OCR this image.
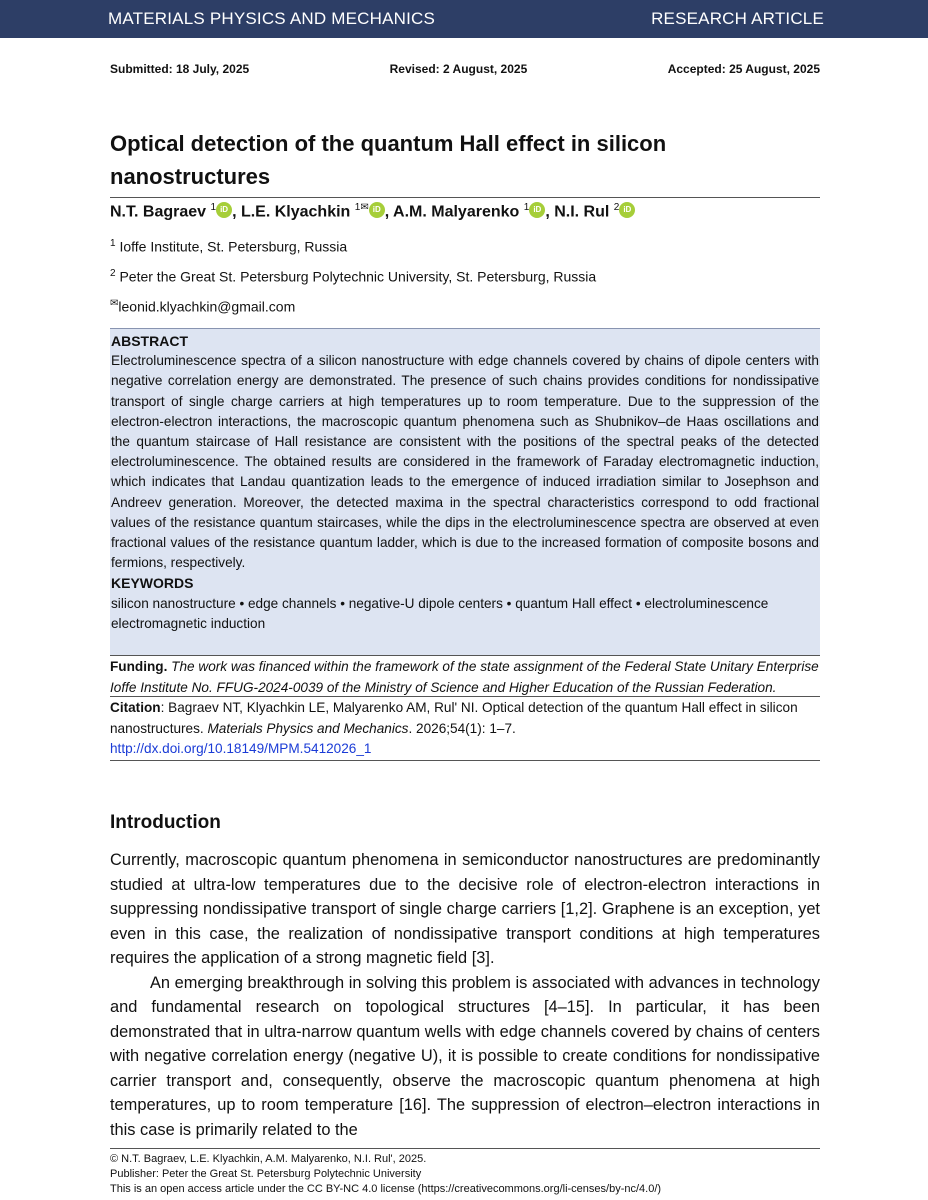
MATERIALS PHYSICS AND MECHANICS	RESEARCH ARTICLE
Submitted: 18 July, 2025	Revised: 2 August, 2025	Accepted: 25 August, 2025
Optical detection of the quantum Hall effect in silicon nanostructures
N.T. Bagraev $^1$ iD , L.E. Klyachkin $^{1✉}$ iD , A.M. Malyarenko $^1$ iD , N.I. Rul $^2$ iD
$^1$ Ioffe Institute, St. Petersburg, Russia
$^2$ Peter the Great St. Petersburg Polytechnic University, St. Petersburg, Russia
✉leonid.klyachkin@gmail.com
ABSTRACT

Electroluminescence spectra of a silicon nanostructure with edge channels covered by chains of dipole centers with negative correlation energy are demonstrated. The presence of such chains provides conditions for nondissipative transport of single charge carriers at high temperatures up to room temperature. Due to the suppression of the electron-electron interactions, the macroscopic quantum phenomena such as Shubnikov–de Haas oscillations and the quantum staircase of Hall resistance are consistent with the positions of the spectral peaks of the detected electroluminescence. The obtained results are considered in the framework of Faraday electromagnetic induction, which indicates that Landau quantization leads to the emergence of induced irradiation similar to Josephson and Andreev generation. Moreover, the detected maxima in the spectral characteristics correspond to odd fractional values of the resistance quantum staircases, while the dips in the electroluminescence spectra are observed at even fractional values of the resistance quantum ladder, which is due to the increased formation of composite bosons and fermions, respectively.

KEYWORDS

silicon nanostructure • edge channels • negative-U dipole centers • quantum Hall effect • electroluminescence electromagnetic induction

Funding. The work was financed within the framework of the state assignment of the Federal State Unitary Enterprise Ioffe Institute No. FFUG-2024-0039 of the Ministry of Science and Higher Education of the Russian Federation.
Citation: Bagraev NT, Klyachkin LE, Malyarenko AM, Rul' NI. Optical detection of the quantum Hall effect in silicon nanostructures. Materials Physics and Mechanics. 2026;54(1): 1–7.
http://dx.doi.org/10.18149/MPM.5412026_1
Introduction

Currently, macroscopic quantum phenomena in semiconductor nanostructures are predominantly studied at ultra-low temperatures due to the decisive role of electron-electron interactions in suppressing nondissipative transport of single charge carriers [1,2]. Graphene is an exception, yet even in this case, the realization of nondissipative transport conditions at high temperatures requires the application of a strong magnetic field [3].

An emerging breakthrough in solving this problem is associated with advances in technology and fundamental research on topological structures [4–15]. In particular, it has been demonstrated that in ultra-narrow quantum wells with edge channels covered by chains of centers with negative correlation energy (negative U), it is possible to create conditions for nondissipative carrier transport and, consequently, observe the macroscopic quantum phenomena at high temperatures, up to room temperature [16]. The suppression of electron–electron interactions in this case is primarily related to the

© N.T. Bagraev, L.E. Klyachkin, A.M. Malyarenko, N.I. Rul', 2025.
Publisher: Peter the Great St. Petersburg Polytechnic University
This is an open access article under the CC BY-NC 4.0 license (https://creativecommons.org/li-censes/by-nc/4.0/)
